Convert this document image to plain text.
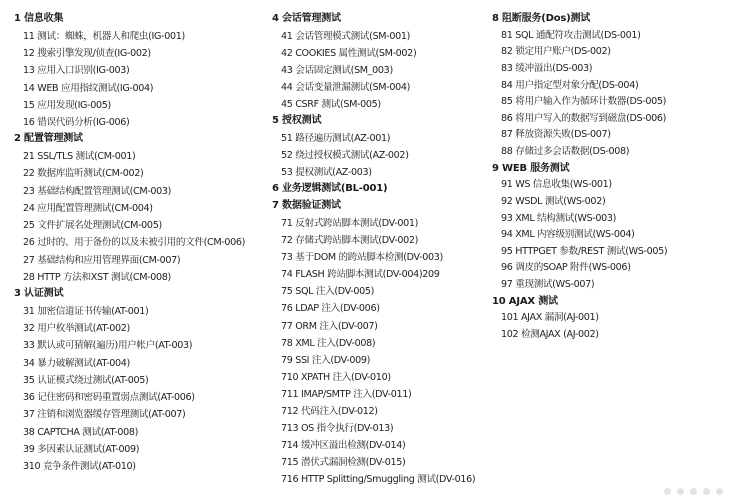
1 信息收集
11 测试：蜘蛛，机器人和爬虫(IG-001)
12 搜索引擎发现/侦查(IG-002)
13 应用入口识别(IG-003)
14 WEB 应用指纹测试(IG-004)
15 应用发现(IG-005)
16 错误代码分析(IG-006)
2 配置管理测试
21 SSL/TLS 测试(CM-001)
22 数据库监听测试(CM-002)
23 基础结构配置管理测试(CM-003)
24 应用配置管理测试(CM-004)
25 文件扩展名处理测试(CM-005)
26 过时的、用于备份的以及未被引用的文件(CM-006)
27 基础结构和应用管理界面(CM-007)
28 HTTP 方法和XST 测试(CM-008)
3 认证测试
31 加密信道证书传输(AT-001)
32 用户枚举测试(AT-002)
33 默认或可猜解(遍历)用户帐户(AT-003)
34 暴力破解测试(AT-004)
35 认证模式绕过测试(AT-005)
36 记住密码和密码重置弱点测试(AT-006)
37 注销和浏览器缓存管理测试(AT-007)
38 CAPTCHA 测试(AT-008)
39 多因素认证测试(AT-009)
310 竞争条件测试(AT-010)
4 会话管理测试
41 会话管理模式测试(SM-001)
42 COOKIES 属性测试(SM-002)
43 会话固定测试(SM_003)
44 会话变量泄漏测试(SM-004)
45 CSRF 测试(SM-005)
5 授权测试
51 路径遍历测试(AZ-001)
52 绕过授权模式测试(AZ-002)
53 提权测试(AZ-003)
6 业务逻辑测试(BL-001)
7 数据验证测试
71 反射式跨站脚本测试(DV-001)
72 存储式跨站脚本测试(DV-002)
73 基于DOM 的跨站脚本检测(DV-003)
74 FLASH 跨站脚本测试(DV-004)209
75 SQL 注入(DV-005)
76 LDAP 注入(DV-006)
77 ORM 注入(DV-007)
78 XML 注入(DV-008)
79 SSI 注入(DV-009)
710 XPATH 注入(DV-010)
711 IMAP/SMTP 注入(DV-011)
712 代码注入(DV-012)
713 OS 指令执行(DV-013)
714 缓冲区溢出检测(DV-014)
715 潜伏式漏洞检测(DV-015)
716 HTTP Splitting/Smuggling 测试(DV-016)
8 阻断服务(Dos)测试
81 SQL 通配符攻击测试(DS-001)
82 锁定用户账户(DS-002)
83 缓冲溢出(DS-003)
84 用户指定型对象分配(DS-004)
85 将用户输入作为循环计数器(DS-005)
86 将用户写入的数据写到磁盘(DS-006)
87 释放资源失败(DS-007)
88 存储过多会话数据(DS-008)
9 WEB 服务测试
91 WS 信息收集(WS-001)
92 WSDL 测试(WS-002)
93 XML 结构测试(WS-003)
94 XML 内容级别测试(WS-004)
95 HTTPGET 参数/REST 测试(WS-005)
96 调皮的SOAP 附件(WS-006)
97 重现测试(WS-007)
10 AJAX 测试
101 AJAX 漏洞(AJ-001)
102 检测AJAX (AJ-002)
